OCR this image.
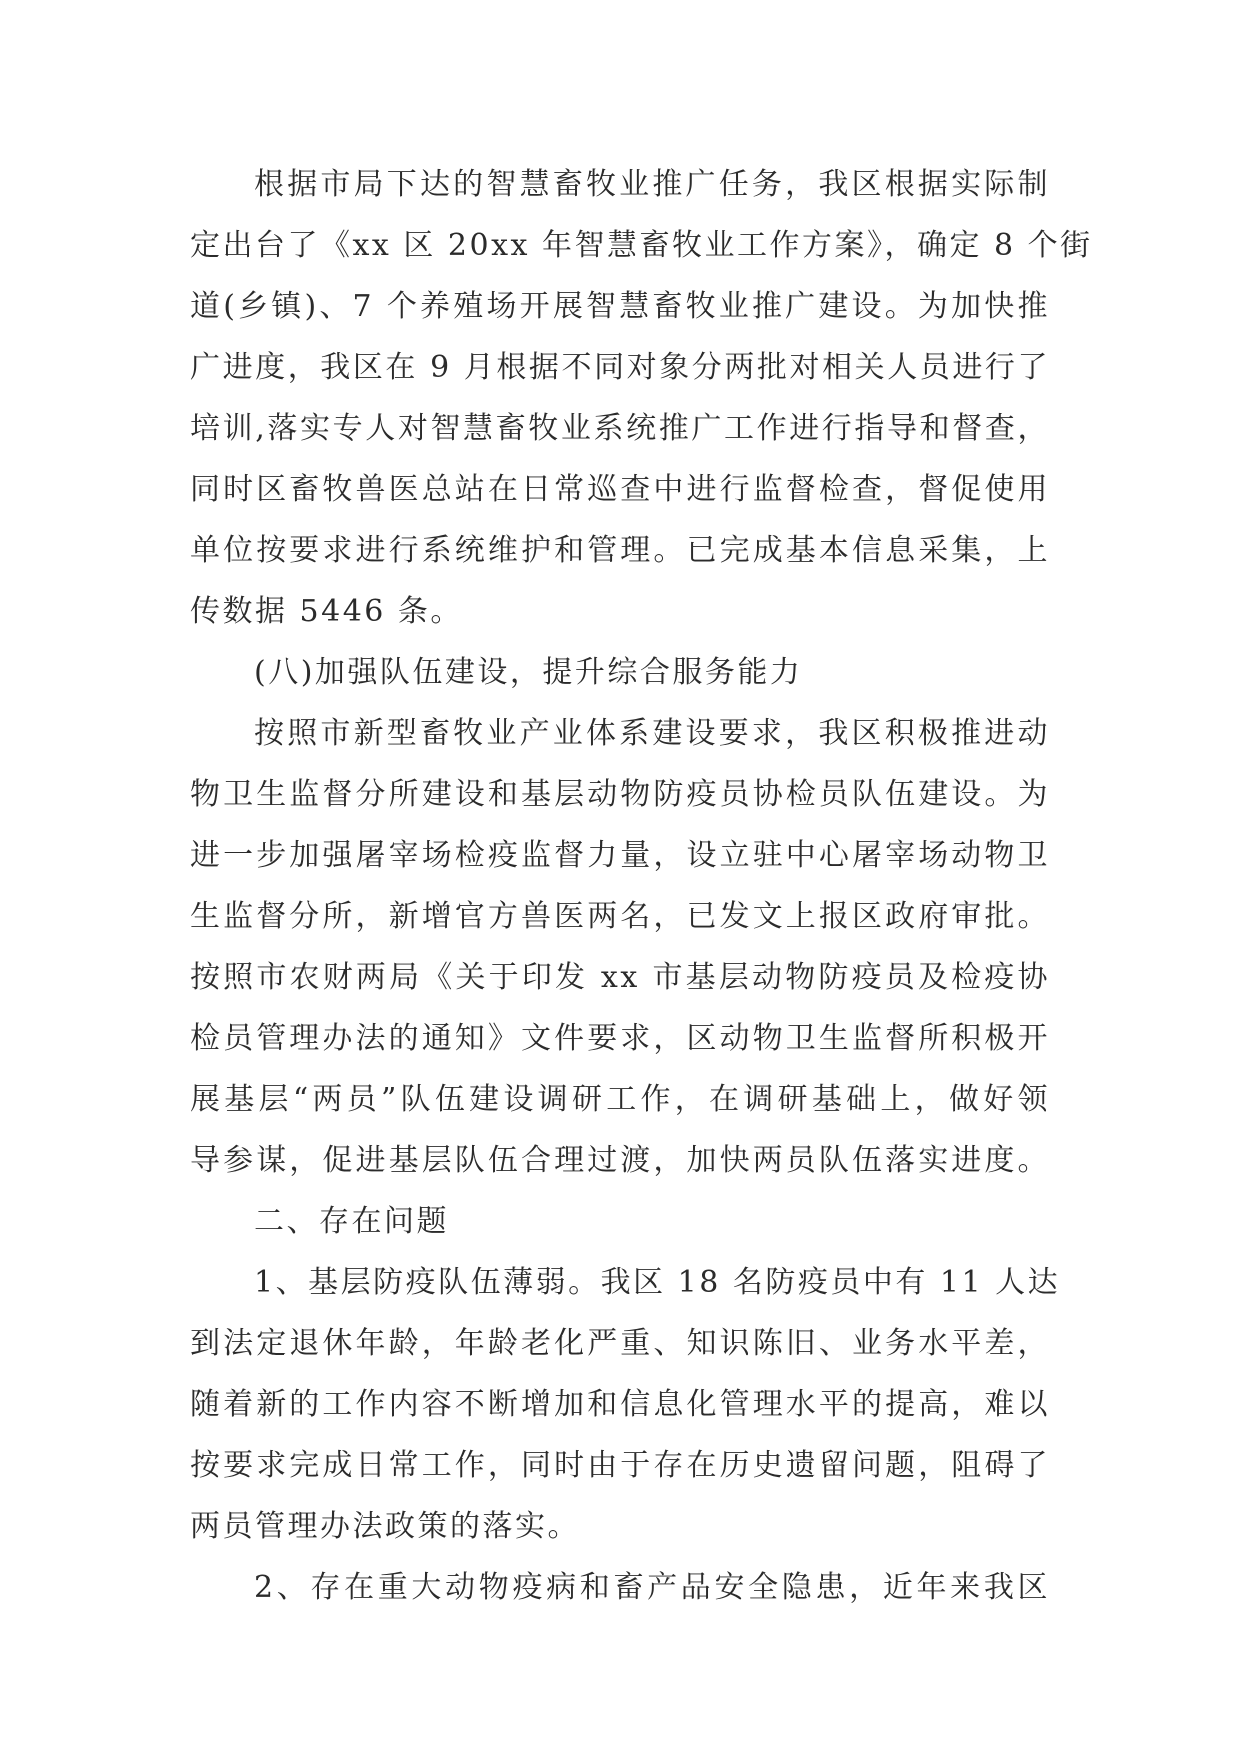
根据市局下达的智慧畜牧业推广任务，我区根据实际制
定出台了《xx 区 20xx 年智慧畜牧业工作方案》，确定 8 个街
道(乡镇)、7 个养殖场开展智慧畜牧业推广建设。为加快推
广进度，我区在 9 月根据不同对象分两批对相关人员进行了
培训,落实专人对智慧畜牧业系统推广工作进行指导和督查，
同时区畜牧兽医总站在日常巡查中进行监督检查，督促使用
单位按要求进行系统维护和管理。已完成基本信息采集，上
传数据 5446 条。
(八)加强队伍建设，提升综合服务能力
按照市新型畜牧业产业体系建设要求，我区积极推进动
物卫生监督分所建设和基层动物防疫员协检员队伍建设。为
进一步加强屠宰场检疫监督力量，设立驻中心屠宰场动物卫
生监督分所，新增官方兽医两名，已发文上报区政府审批。
按照市农财两局《关于印发 xx 市基层动物防疫员及检疫协
检员管理办法的通知》文件要求，区动物卫生监督所积极开
展基层“两员”队伍建设调研工作，在调研基础上，做好领
导参谋，促进基层队伍合理过渡，加快两员队伍落实进度。
二、存在问题
1、基层防疫队伍薄弱。我区 18 名防疫员中有 11 人达
到法定退休年龄，年龄老化严重、知识陈旧、业务水平差，
随着新的工作内容不断增加和信息化管理水平的提高，难以
按要求完成日常工作，同时由于存在历史遗留问题，阻碍了
两员管理办法政策的落实。
2、存在重大动物疫病和畜产品安全隐患，近年来我区
